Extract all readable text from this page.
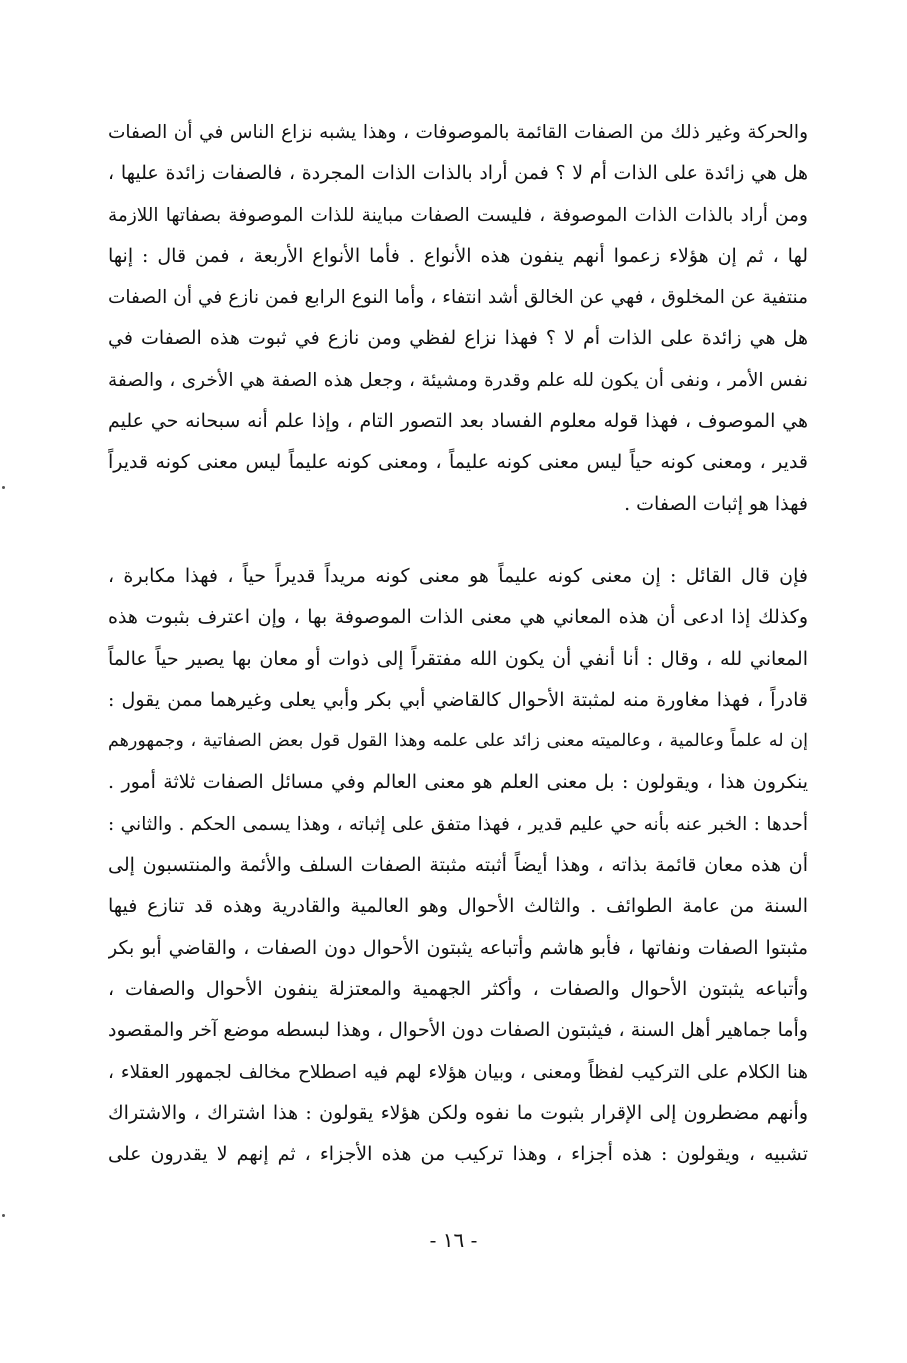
والحركة وغير ذلك من الصفات القائمة بالموصوفات ، وهذا يشبه نزاع الناس في أن الصفات
هل هي زائدة على الذات أم لا ؟ فمن أراد بالذات الذات المجردة ، فالصفات زائدة عليها ،
ومن أراد بالذات الذات الموصوفة ، فليست الصفات مباينة للذات الموصوفة بصفاتها اللازمة
لها ، ثم إن هؤلاء زعموا أنهم ينفون هذه الأنواع . فأما الأنواع الأربعة ، فمن قال : إنها
منتفية عن المخلوق ، فهي عن الخالق أشد انتفاء ، وأما النوع الرابع فمن نازع في أن الصفات
هل هي زائدة على الذات أم لا ؟ فهذا نزاع لفظي ومن نازع في ثبوت هذه الصفات في
نفس الأمر ، ونفى أن يكون لله علم وقدرة ومشيئة ، وجعل هذه الصفة هي الأخرى ، والصفة
هي الموصوف ، فهذا قوله معلوم الفساد بعد التصور التام ، وإذا علم أنه سبحانه حي عليم
قدير ، ومعنى كونه حياً ليس معنى كونه عليماً ، ومعنى كونه عليماً ليس معنى كونه قديراً
فهذا هو إثبات الصفات .
فإن قال القائل : إن معنى كونه عليماً هو معنى كونه مريداً قديراً حياً ، فهذا مكابرة ،
وكذلك إذا ادعى أن هذه المعاني هي معنى الذات الموصوفة بها ، وإن اعترف بثبوت هذه
المعاني لله ، وقال : أنا أنفي أن يكون الله مفتقراً إلى ذوات أو معان بها يصير حياً عالماً
قادراً ، فهذا مغاورة منه لمثبتة الأحوال كالقاضي أبي بكر وأبي يعلى وغيرهما ممن يقول :
إن له علماً وعالمية ، وعالميته معنى زائد على علمه وهذا القول قول بعض الصفاتية ، وجمهورهم
ينكرون هذا ، ويقولون : بل معنى العلم هو معنى العالم وفي مسائل الصفات ثلاثة أمور .
أحدها : الخبر عنه بأنه حي عليم قدير ، فهذا متفق على إثباته ، وهذا يسمى الحكم . والثاني :
أن هذه معان قائمة بذاته ، وهذا أيضاً أثبته مثبتة الصفات السلف والأئمة والمنتسبون إلى
السنة من عامة الطوائف . والثالث الأحوال وهو العالمية والقادرية وهذه قد تنازع فيها
مثبتوا الصفات ونفاتها ، فأبو هاشم وأتباعه يثبتون الأحوال دون الصفات ، والقاضي أبو بكر
وأتباعه يثبتون الأحوال والصفات ، وأكثر الجهمية والمعتزلة ينفون الأحوال والصفات ،
وأما جماهير أهل السنة ، فيثبتون الصفات دون الأحوال ، وهذا لبسطه موضع آخر والمقصود
هنا الكلام على التركيب لفظاً ومعنى ، وبيان هؤلاء لهم فيه اصطلاح مخالف لجمهور العقلاء ،
وأنهم مضطرون إلى الإقرار بثبوت ما نفوه ولكن هؤلاء يقولون : هذا اشتراك ، والاشتراك
تشبيه ، ويقولون : هذه أجزاء ، وهذا تركيب من هذه الأجزاء ، ثم إنهم لا يقدرون على
- ١٦ -
